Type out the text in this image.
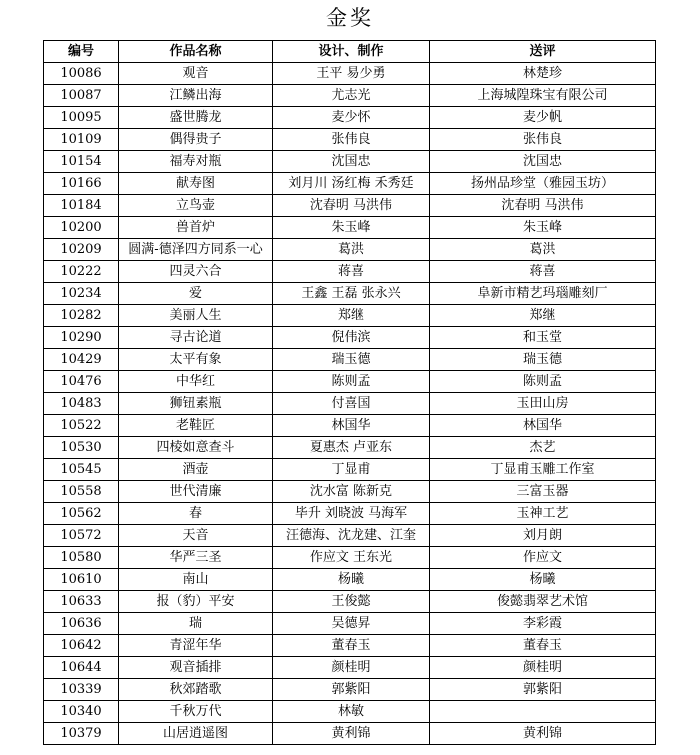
金奖
编号	作品名称	设计、制作	送评
10086	观音	王平 易少勇	林楚珍
10087	江鳞出海	尤志光	上海城隍珠宝有限公司
10095	盛世腾龙	麦少怀	麦少帆
10109	偶得贵子	张伟良	张伟良
10154	福寿对瓶	沈国忠	沈国忠
10166	献寿图	刘月川 汤红梅 禾秀廷	扬州品珍堂（雅园玉坊）
10184	立鸟壶	沈春明 马洪伟	沈春明 马洪伟
10200	兽首炉	朱玉峰	朱玉峰
10209	圆满-德泽四方同系一心	葛洪	葛洪
10222	四灵六合	蒋喜	蒋喜
10234	爱	王鑫 王磊 张永兴	阜新市精艺玛瑙雕刻厂
10282	美丽人生	郑继	郑继
10290	寻古论道	倪伟滨	和玉堂
10429	太平有象	瑞玉德	瑞玉德
10476	中华红	陈则孟	陈则孟
10483	狮钮素瓶	付喜国	玉田山房
10522	老鞋匠	林国华	林国华
10530	四棱如意查斗	夏惠杰 卢亚东	杰艺
10545	酒壶	丁显甫	丁显甫玉雕工作室
10558	世代清廉	沈水富 陈新克	三富玉器
10562	春	毕升 刘晓波 马海军	玉神工艺
10572	天音	汪德海、沈龙建、江奎	刘月朗
10580	华严三圣	作应文 王东光	作应文
10610	南山	杨曦	杨曦
10633	报（豹）平安	王俊懿	俊懿翡翠艺术馆
10636	瑞	吴德昇	李彩霞
10642	青涩年华	董春玉	董春玉
10644	观音插排	颜桂明	颜桂明
10339	秋郊踏歌	郭紫阳	郭紫阳
10340	千秋万代	林敏	
10379	山居逍遥图	黄利锦	黄利锦
